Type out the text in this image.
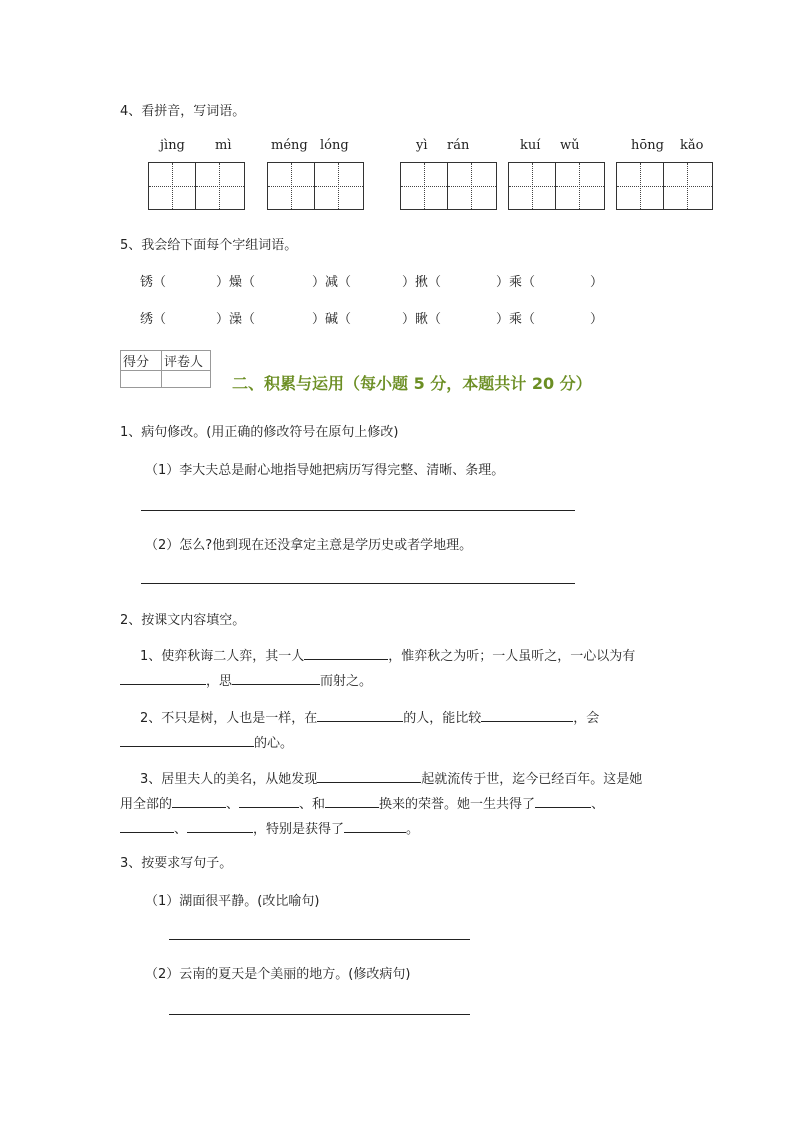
4、看拼音，写词语。
jìng mì	méng lóng	yì rán	kuí wǔ	hōng kǎo
5、我会给下面每个字组词语。
锈（	）燥（	）减（	）揪（	）乘（	）
绣（	）澡（	）碱（	）瞅（	）乘（	）
得分	评卷人

二、积累与运用（每小题 5 分，本题共计 20 分）
1、病句修改。(用正确的修改符号在原句上修改)
（1）李大夫总是耐心地指导她把病历写得完整、清晰、条理。
（2）怎么?他到现在还没拿定主意是学历史或者学地理。
2、按课文内容填空。
1、使弈秋诲二人弈，其一人	，惟弈秋之为听；一人虽听之，一心以为有
，思	而射之。
2、不只是树，人也是一样，在	的人，能比较	，会
的心。
3、居里夫人的美名，从她发现	起就流传于世，迄今已经百年。这是她
用全部的	、	、和	换来的荣誉。她一生共得了	、
、	，特别是获得了	。
3、按要求写句子。
（1）湖面很平静。(改比喻句)
（2）云南的夏天是个美丽的地方。(修改病句)
